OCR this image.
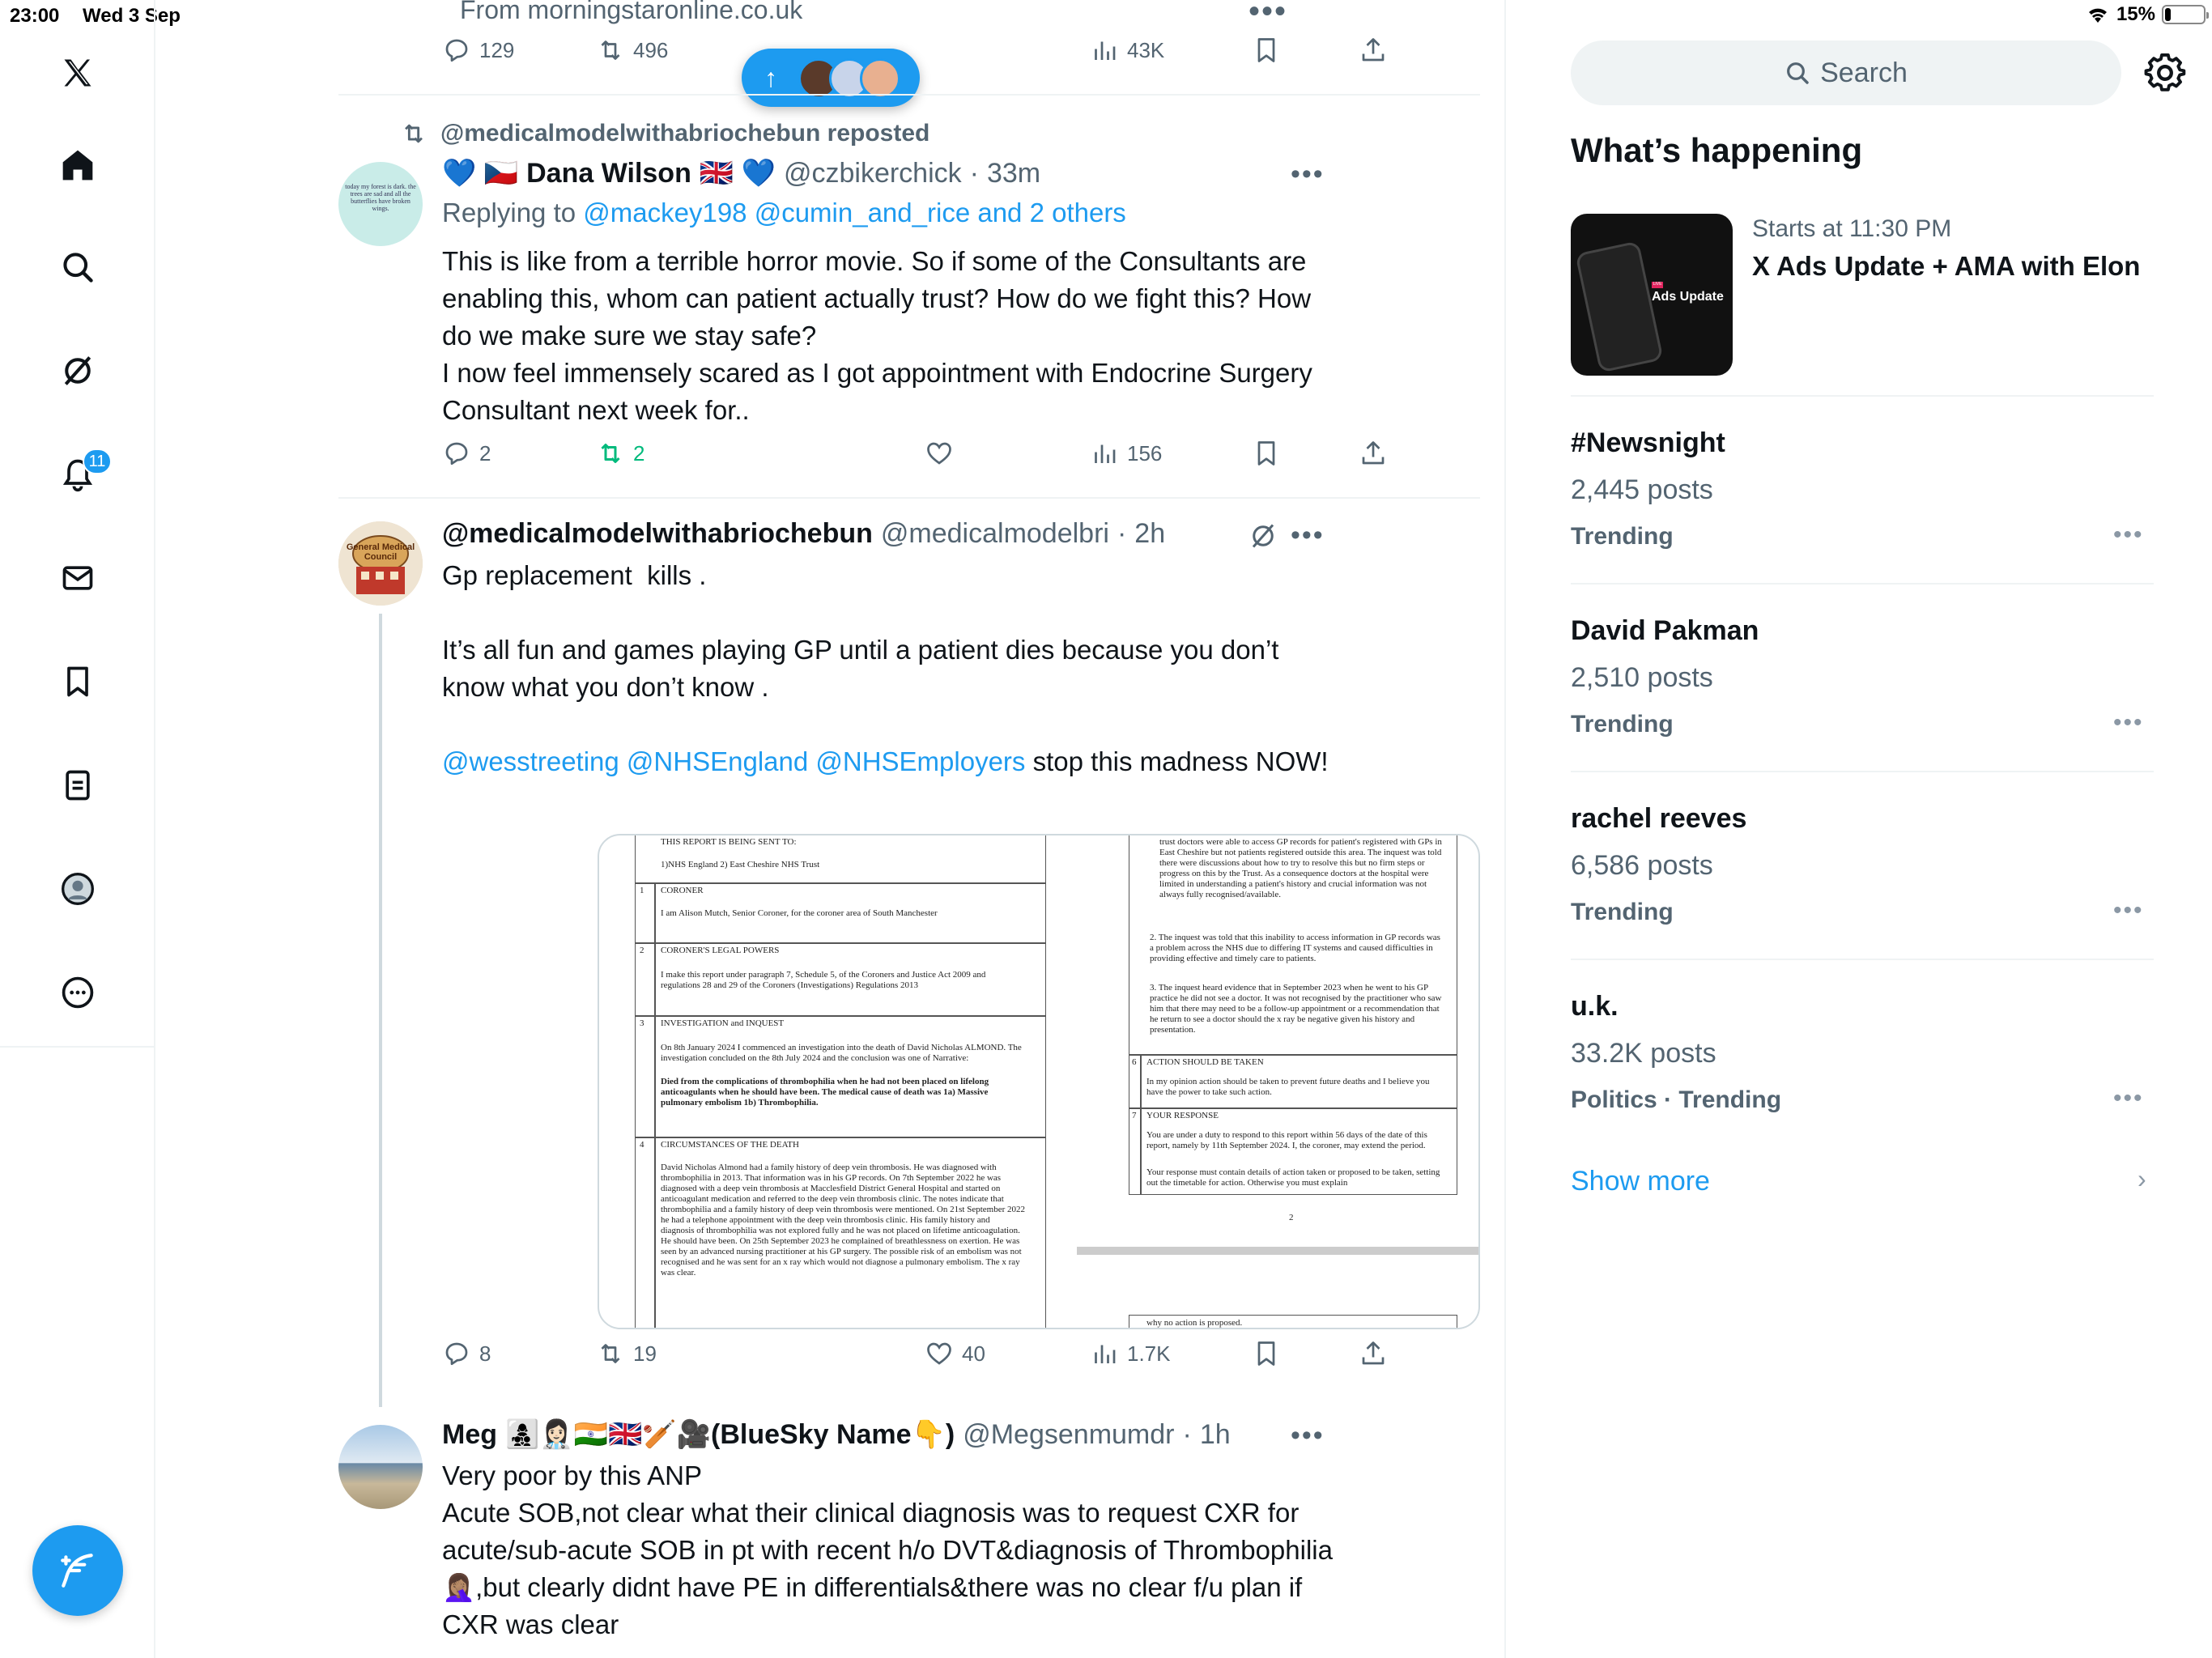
23:00 Wed 3 Sep	15%
11
From morningstaronline.co.uk	•••
129	496	43K
↑
@medicalmodelwithabriochebun reposted
today my forest is dark. the trees are sad and all the butterflies have broken wings.
💙 🇨🇿 Dana Wilson 🇬🇧 💙 @czbikerchick · 33m	•••
Replying to @mackey198 @cumin_and_rice and 2 others
This is like from a terrible horror movie. So if some of the Consultants are enabling this, whom can patient actually trust? How do we fight this? How do we make sure we stay safe?
I now feel immensely scared as I got appointment with Endocrine Surgery Consultant next week for..
2	2	156
General Medical Council
@medicalmodelwithabriochebun @medicalmodelbri · 2h	•••
Gp replacement  kills .
It’s all fun and games playing GP until a patient dies because you don’t know what you don’t know .
@wesstreeting @NHSEngland @NHSEmployers stop this madness NOW!
THIS REPORT IS BEING SENT TO:
1)NHS England 2) East Cheshire NHS Trust
1 CORONER
I am Alison Mutch, Senior Coroner, for the coroner area of South Manchester
2 CORONER'S LEGAL POWERS
I make this report under paragraph 7, Schedule 5, of the Coroners and Justice Act 2009 and regulations 28 and 29 of the Coroners (Investigations) Regulations 2013
3 INVESTIGATION and INQUEST
On 8th January 2024 I commenced an investigation into the death of David Nicholas ALMOND. The investigation concluded on the 8th July 2024 and the conclusion was one of Narrative:
Died from the complications of thrombophilia when he had not been placed on lifelong anticoagulants when he should have been. The medical cause of death was 1a) Massive pulmonary embolism 1b) Thrombophilia.
4 CIRCUMSTANCES OF THE DEATH
David Nicholas Almond had a family history of deep vein thrombosis. He was diagnosed with thrombophilia in 2013. That information was in his GP records. On 7th September 2022 he was diagnosed with a deep vein thrombosis at Macclesfield District General Hospital and started on anticoagulant medication and referred to the deep vein thrombosis clinic. The notes indicate that thrombophilia and a family history of deep vein thrombosis were mentioned. On 21st September 2022 he had a telephone appointment with the deep vein thrombosis clinic. His family history and diagnosis of thrombophilia was not explored fully and he was not placed on lifetime anticoagulation. He should have been. On 25th September 2023 he complained of breathlessness on exertion. He was seen by an advanced nursing practitioner at his GP surgery. The possible risk of an embolism was not recognised and he was sent for an x ray which would not diagnose a pulmonary embolism. The x ray was clear.
trust doctors were able to access GP records for patient's registered with GPs in East Cheshire but not patients registered outside this area. The inquest was told there were discussions about how to try to resolve this but no firm steps or progress on this by the Trust. As a consequence doctors at the hospital were limited in understanding a patient's history and crucial information was not always fully recognised/available.
2. The inquest was told that this inability to access information in GP records was a problem across the NHS due to differing IT systems and caused difficulties in providing effective and timely care to patients.
3. The inquest heard evidence that in September 2023 when he went to his GP practice he did not see a doctor. It was not recognised by the practitioner who saw him that there may need to be a follow-up appointment or a recommendation that he return to see a doctor should the x ray be negative given his history and presentation.
6 ACTION SHOULD BE TAKEN
In my opinion action should be taken to prevent future deaths and I believe you have the power to take such action.
7 YOUR RESPONSE
You are under a duty to respond to this report within 56 days of the date of this report, namely by 11th September 2024. I, the coroner, may extend the period.
Your response must contain details of action taken or proposed to be taken, setting out the timetable for action. Otherwise you must explain
2
why no action is proposed.
8	19	40	1.7K
Meg 👩‍👧‍👦👩🏻‍⚕️🇮🇳🇬🇧🏏🎥(BlueSky Name👇) @Megsenmumdr · 1h •••
Very poor by this ANP
Acute SOB,not clear what their clinical diagnosis was to request CXR for acute/sub-acute SOB in pt with recent h/o DVT&diagnosis of Thrombophilia🤦🏽‍♀️,but clearly didnt have PE in differentials&there was no clear f/u plan if CXR was clear
Search
What’s happening
LIVE
Ads Update
Starts at 11:30 PM
X Ads Update + AMA with Elon
#Newsnight
2,445 posts
Trending	•••
David Pakman
2,510 posts
Trending	•••
rachel reeves
6,586 posts
Trending	•••
u.k.
33.2K posts
Politics · Trending	•••
Show more	›
